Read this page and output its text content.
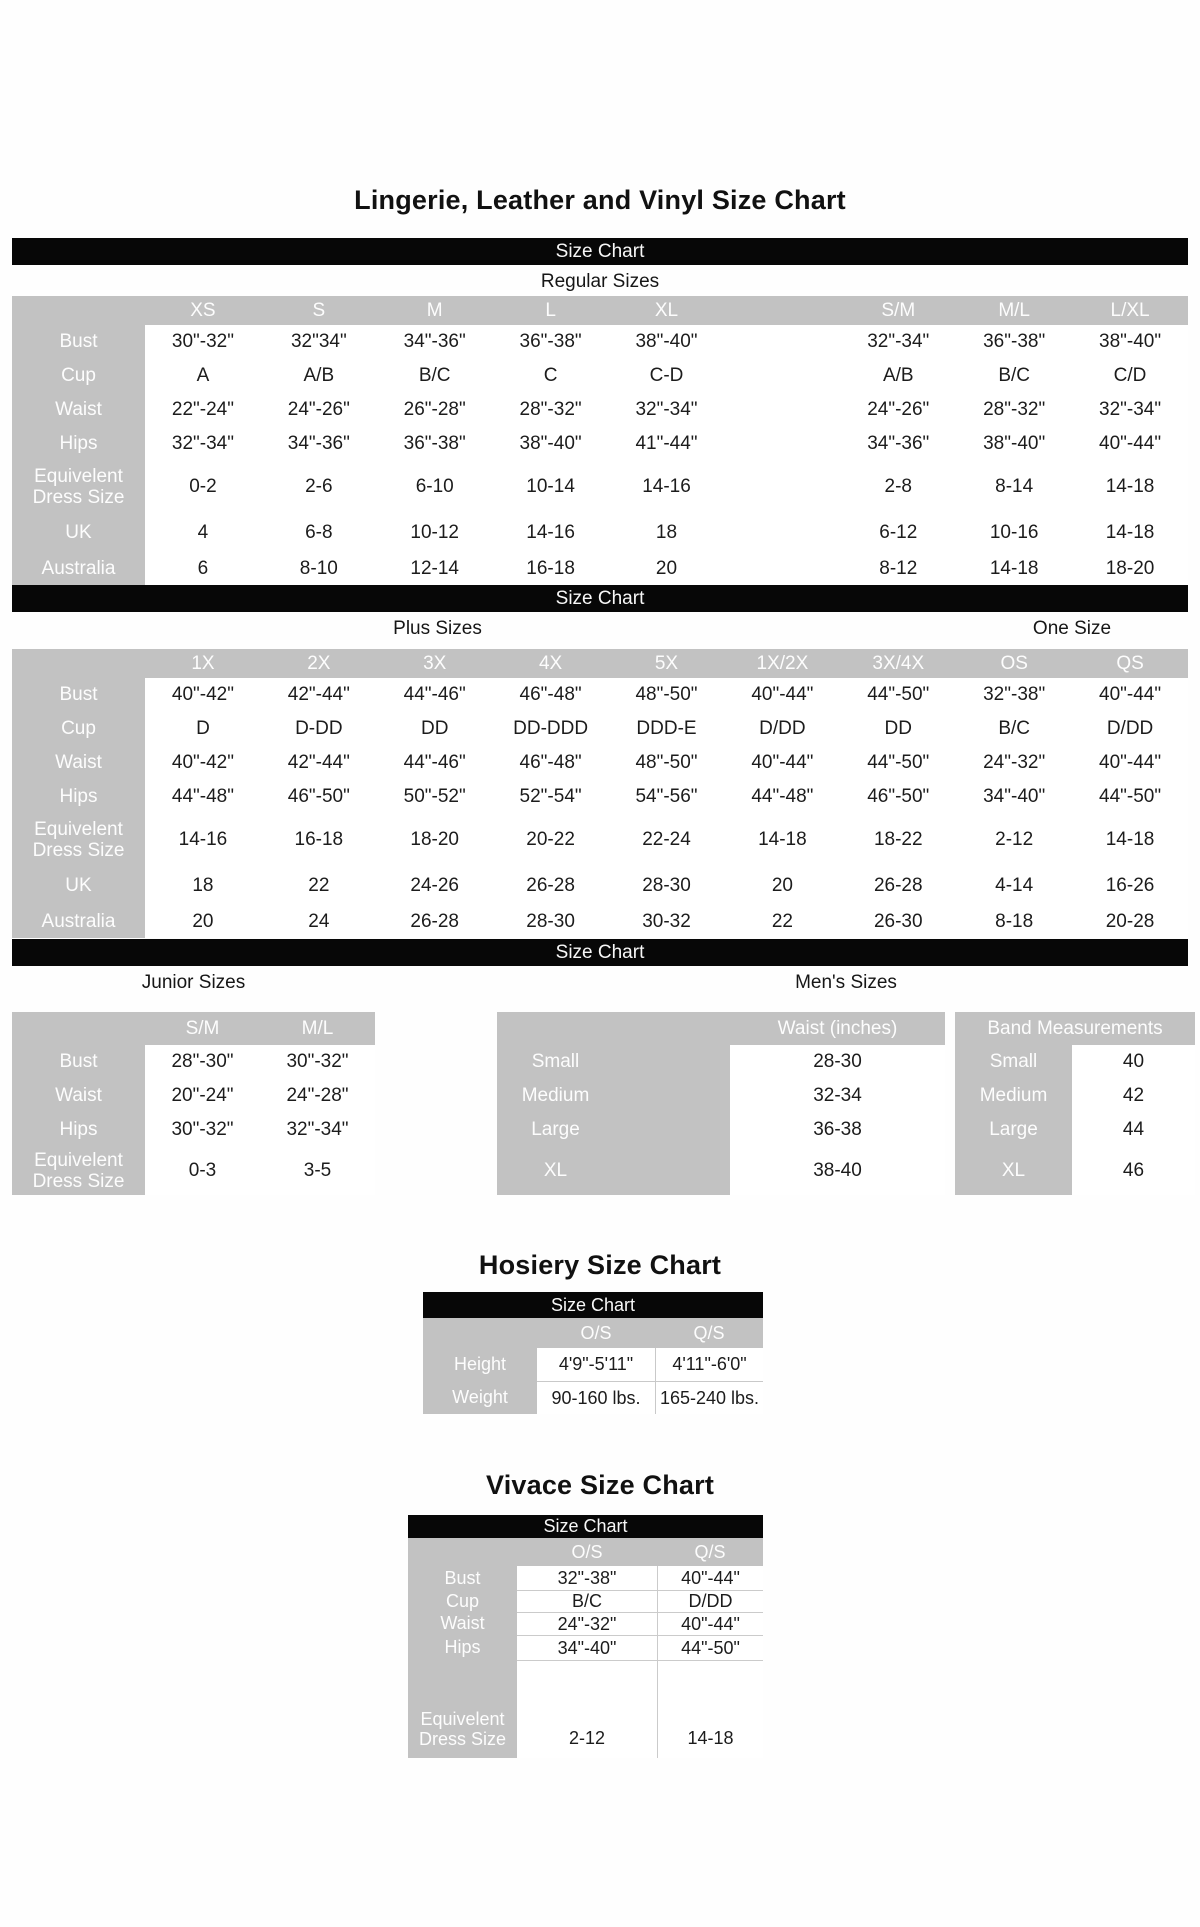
Lingerie, Leather and Vinyl Size Chart
Size Chart
Regular Sizes
XS	S	M	L	XL	S/M	M/L	L/XL
Bust	30"-32"	32"34"	34"-36"	36"-38"	38"-40"	32"-34"	36"-38"	38"-40"
Cup	A	A/B	B/C	C	C-D	A/B	B/C	C/D
Waist	22"-24"	24"-26"	26"-28"	28"-32"	32"-34"	24"-26"	28"-32"	32"-34"
Hips	32"-34"	34"-36"	36"-38"	38"-40"	41"-44"	34"-36"	38"-40"	40"-44"
Equivelent Dress Size
0-2	2-6	6-10	10-14	14-16	2-8	8-14	14-18
UK	4	6-8	10-12	14-16	18	6-12	10-16	14-18
Australia	6	8-10	12-14	16-18	20	8-12	14-18	18-20
Size Chart
Plus Sizes	One Size
1X	2X	3X	4X	5X	1X/2X	3X/4X	OS	QS
Bust	40"-42"	42"-44"	44"-46"	46"-48"	48"-50"	40"-44"	44"-50"	32"-38"	40"-44"
Cup	D	D-DD	DD	DD-DDD	DDD-E	D/DD	DD	B/C	D/DD
Waist	40"-42"	42"-44"	44"-46"	46"-48"	48"-50"	40"-44"	44"-50"	24"-32"	40"-44"
Hips	44"-48"	46"-50"	50"-52"	52"-54"	54"-56"	44"-48"	46"-50"	34"-40"	44"-50"
Equivelent Dress Size
14-16	16-18	18-20	20-22	22-24	14-18	18-22	2-12	14-18
UK	18	22	24-26	26-28	28-30	20	26-28	4-14	16-26
Australia	20	24	26-28	28-30	30-32	22	26-30	8-18	20-28
Size Chart
Junior Sizes	Men's Sizes
S/M	M/L
Bust	28"-30"	30"-32"
Waist	20"-24"	24"-28"
Hips	30"-32"	32"-34"
Equivelent Dress Size
0-3	3-5
Waist (inches)	Band Measurements
Small	28-30	Small	40
Medium	32-34	Medium	42
Large	36-38	Large	44
XL	38-40	XL	46
Hosiery Size Chart
Size Chart
O/S	Q/S
Height	4'9"-5'11"	4'11"-6'0"
Weight	90-160 lbs.	165-240 lbs.
Vivace Size Chart
Size Chart
O/S	Q/S
Bust	32"-38"	40"-44"
Cup	B/C	D/DD
Waist	24"-32"	40"-44"
Hips	34"-40"	44"-50"
Equivelent Dress Size	2-12	14-18
